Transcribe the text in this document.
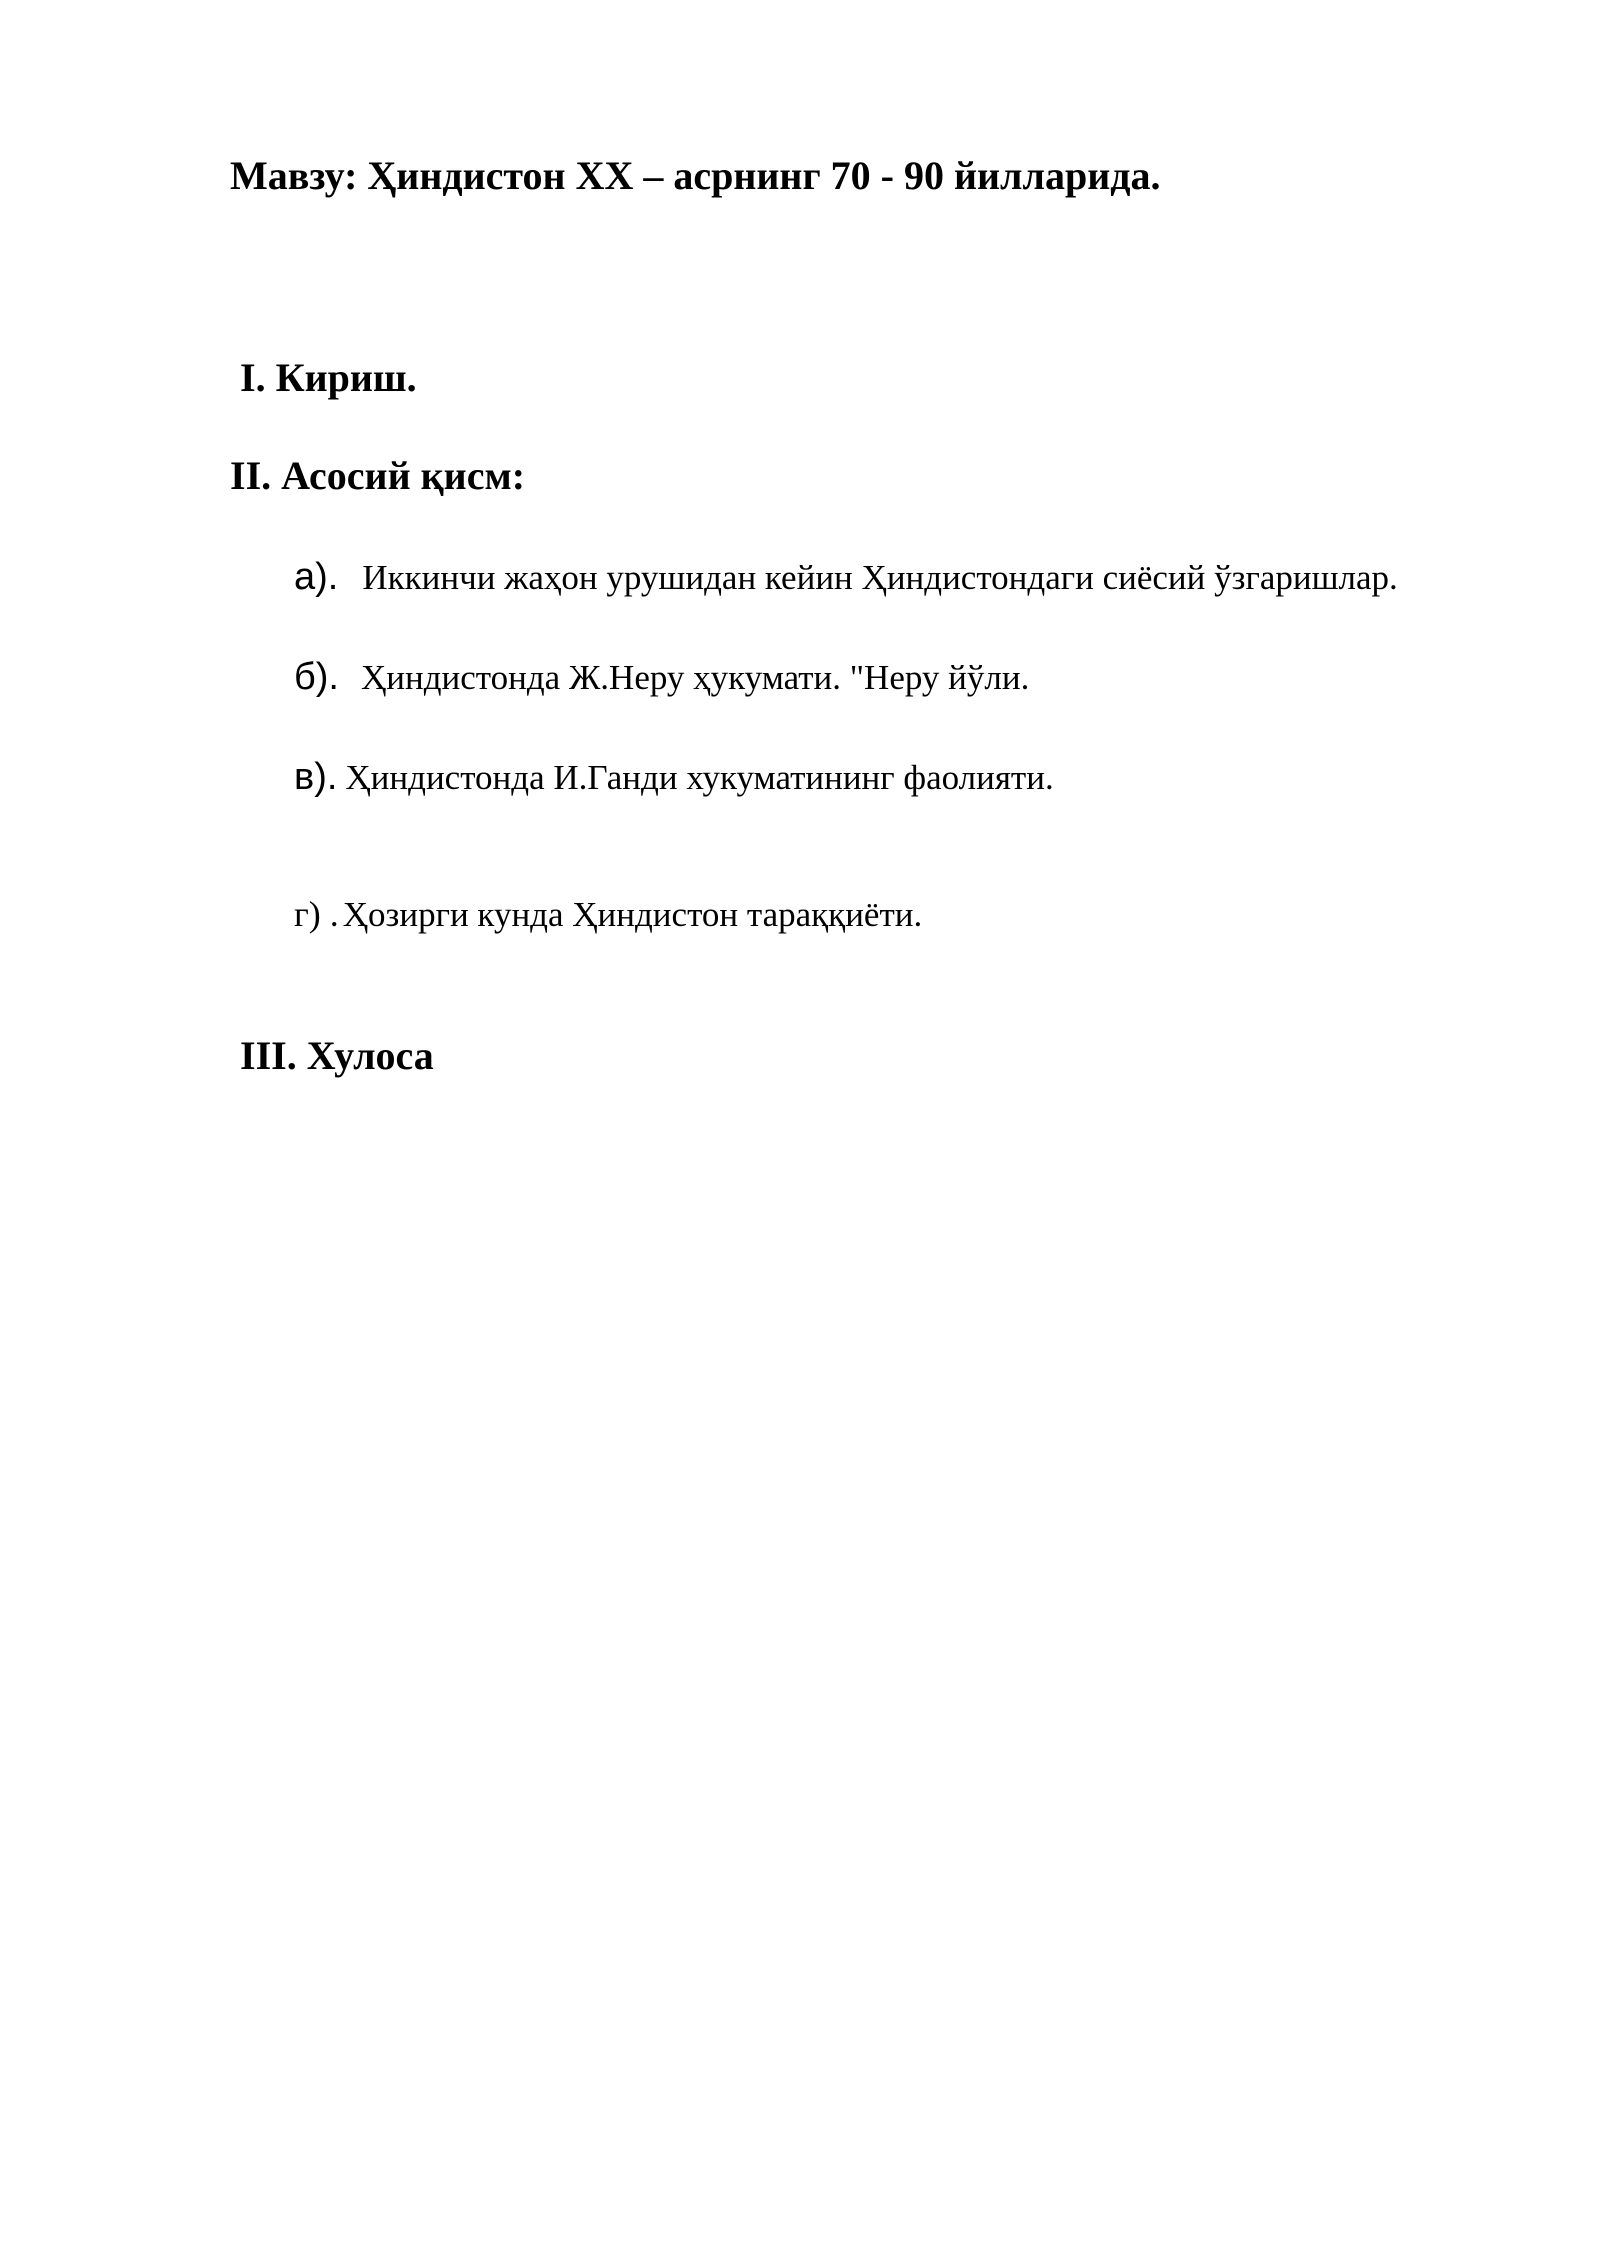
Мавзу: Ҳиндистон XX – асрнинг 70 - 90 йилларида.
I. Кириш.
II. Асосий қисм:
а). Иккинчи жаҳон урушидан кейин Ҳиндистондаги сиёсий ўзгаришлар.
б). Ҳиндистонда Ж.Неру ҳукумати. "Неру йўли.
в). Ҳиндистонда И.Ганди хукуматининг фаолияти.
г) . Ҳозирги кунда Ҳиндистон тараққиёти.
III. Хулоса
